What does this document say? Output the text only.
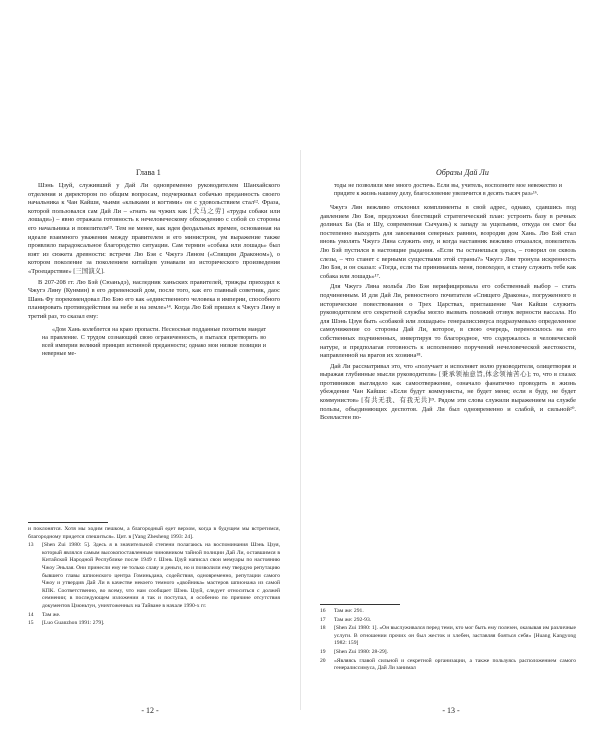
Глава 1

Шэнь Цзуй, служивший у Дай Ли одновременно руководителем Шанхайского отделения и директором по общим вопросам, подчеркивал собачью преданность своего начальника к Чан Кайши, чьими «клыками и когтями» он с удовольствием стал¹². Фраза, которой пользовался сам Дай Ли – «гнать на чужих как [犬马之劳] «труды собаки или лошади») – явно отражала готовность к нечеловеческому обхождению с собой со стороны его начальника и повелителя¹³. Тем не менее, как идея феодальных времен, основанная на идеале взаимного уважения между правителем и его министром, ум выражение также проявляло парадоксальное благородство ситуации. Сам термин «собака или лошадь» был взят из сюжета древности: встречи Лю Бэя с Чжугэ Ляном («Спящим Драконом»), о котором поколение за поколением китайцев узнавали из исторического произведения «Троецарствие» [三国演义].

В 207-208 гг. Лю Бэй (Сюаньдэ), наследник ханьских правителей, трижды приходил к Чжугэ Ляну (Кунмин) в его деревенский дом, после того, как его главный советник, даос Шань Фу порекомендовал Лю Бэю его как «единственного человека в империи, способного планировать противодействия на небе и на земле»¹⁴. Когда Лю Бэй пришел к Чжугэ Ляну в третий раз, то сказал ему:

«Дом Хань колеблется на краю пропасти. Несносные подданные похитили мандат на правление. С трудом сознающий свою ограниченность, я пытался претворить во всей империи великий принцип истинной преданности; однако мои низкие позиции и неверные ме-
и поклонятся. Хотя мы ходим пешком, а благородный едет верхом, когда в будущем мы встретимся, благородному придется спешиться». Цит. в [Yang Zhesheng 1993: 24].
13	[Shen Zui 1980: 5]. Здесь я в значительной степени полагаюсь на воспоминания Шэнь Цзуя, который являлся самым высокопоставленным чиновником тайной полиции Дай Ли, оставшимся в Китайской Народной Республике после 1949 г. Шэнь Цзуй написал свои мемуары по настоянию Чжоу Эньлая. Они принесли ему не только славу и деньги, но и позволили ему твердую репутацию бывшего главы шпионского центра Гоминьдана, содействия, одновременно, репутации самого Чжоу и утвердив Дай Ли в качестве некоего темного «двойника» мастеров шпионажа из самой КПК. Соответственно, во всему, что нам сообщает Шэнь Цзуй, следует относиться с должей семнении; в последующем изложении я так и поступал, я особенно по причине отсутствия документов Цзюньтун, уничтоженных на Тайване в начале 1990-х гг.
14	Там же.
15	[Luo Guanzhon 1991: 279].
- 12 -
Образы Дай Ли
тоды не позволили мне много достичь. Если вы, учитель, восполните мое невежество и придите к жизнь нашему делу, благословение увеличится в десять тысяч раз»¹⁶.

Чжугэ Лян вежливо отклонил комплименты в свой адрес, однако, сдавшись под давлением Лю Бэя, предложил блестящий стратегический план: устроить базу в речных долинах Ба (Ба и Шу, современная Сычуань) к западу за ущельями, откуда он смог бы постепенно выходить для завоевания северных равнин, возродив дом Хань. Лю Бэй стал вновь умолять Чжугэ Ляна служить ему, и когда наставник вежливо отказался, повелитель Лю Бэй пустился в настоящие рыдания. «Если ты останешься здесь, – говорил он сквозь слезы, – что станет с верными существами этой страны?» Чжугэ Лян тронула искренность Лю Бэя, и он сказал: «Тогда, если ты принимаешь меня, повоходел, я стану служить тебе как собака или лошадь»¹⁷.

Для Чжугэ Ляна мольба Лю Бэя верифицировала его собственный выбор – стать подчиненным. И для Дай Ли, ревностного почитателя «Спящего Дракона», погруженного в исторические повествования о Трех Царствах, приглашение Чан Кайши служить руководителем его секретной службы могло вызвать похожий отзвук верности вассала. Но для Шэнь Цзуя быть «собакой или лошадью» генералиссимуса подразумевало определенное самоунижение со стороны Дай Ли, которое, в свою очередь, переносилось на его собственных подчиненных, инвертируя то благородное, что содержалось в человеческой натуре, и предполагая готовность к исполнению поручений нечеловеческой жестокости, направленной на врагов их хозяина¹⁸.

Дай Ли рассматривал это, что «получает и исполняет волю руководителя, олицетворяя и выражая глубинные мысли руководителя» [秉承领袖意旨,体念领袖苦心]; то, что в глазах противников выглядело как самоотвержение, означало фанатично проводить в жизнь убеждение Чан Кайши: «Если будут коммунисты, не будет меня; если я буду, не будет коммунистов» [有共无我、有我无共]¹⁹. Рядом эти слова служили выражением на службе пользы, объединяющих деспотов. Дай Ли был одновременно и слабой, и сильной²⁰. Всевластен по-

16	Там же: 291.
17	Там же: 292-93.
18	[Shen Zui 1980: 1]. «Он выслуживался перед теми, кто мог быть ему полезен, оказывая им различные услуги. В отношении прочих он был жесток и хлебен, заставляя бояться себя» [Huang Kangyong 1982: 159]
19	[Shen Zui 1980: 28-29].
20	«Являясь главой сильной и секретной организации, а также пользуясь расположением самого генералиссимуса, Дай Ли занимал
- 13 -
